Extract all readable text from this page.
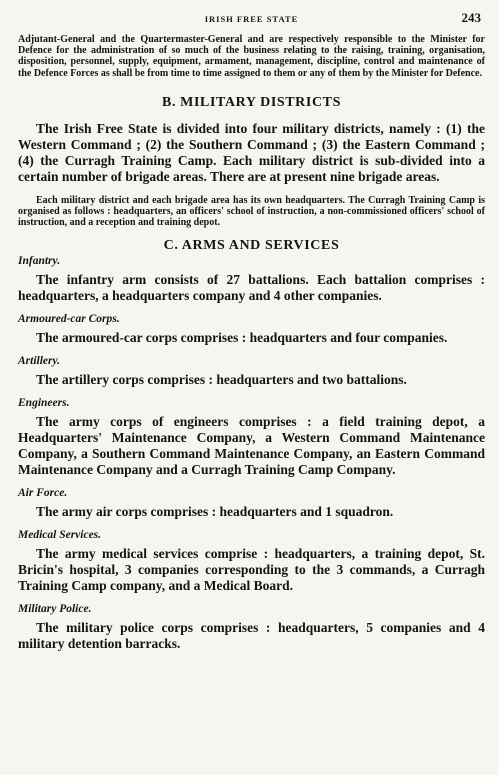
IRISH FREE STATE	243

Adjutant-General and the Quartermaster-General and are respectively responsible to the Minister for Defence for the administration of so much of the business relating to the raising, training, organisation, disposition, personnel, supply, equipment, armament, management, discipline, control and maintenance of the Defence Forces as shall be from time to time assigned to them or any of them by the Minister for Defence.

B. MILITARY DISTRICTS

The Irish Free State is divided into four military districts, namely : (1) the Western Command ; (2) the Southern Command ; (3) the Eastern Command ; (4) the Curragh Training Camp. Each military district is sub-divided into a certain number of brigade areas. There are at present nine brigade areas.

Each military district and each brigade area has its own headquarters. The Curragh Training Camp is organised as follows : headquarters, an officers' school of instruction, a non-commissioned officers' school of instruction, and a reception and training depot.

C. ARMS AND SERVICES

Infantry.

The infantry arm consists of 27 battalions. Each battalion comprises : headquarters, a headquarters company and 4 other companies.

Armoured-car Corps.

The armoured-car corps comprises : headquarters and four companies.

Artillery.

The artillery corps comprises : headquarters and two battalions.

Engineers.

The army corps of engineers comprises : a field training depot, a Headquarters' Maintenance Company, a Western Command Maintenance Company, a Southern Command Maintenance Company, an Eastern Command Maintenance Company and a Curragh Training Camp Company.

Air Force.

The army air corps comprises : headquarters and 1 squadron.

Medical Services.

The army medical services comprise : headquarters, a training depot, St. Bricin's hospital, 3 companies corresponding to the 3 commands, a Curragh Training Camp company, and a Medical Board.

Military Police.

The military police corps comprises : headquarters, 5 companies and 4 military detention barracks.
